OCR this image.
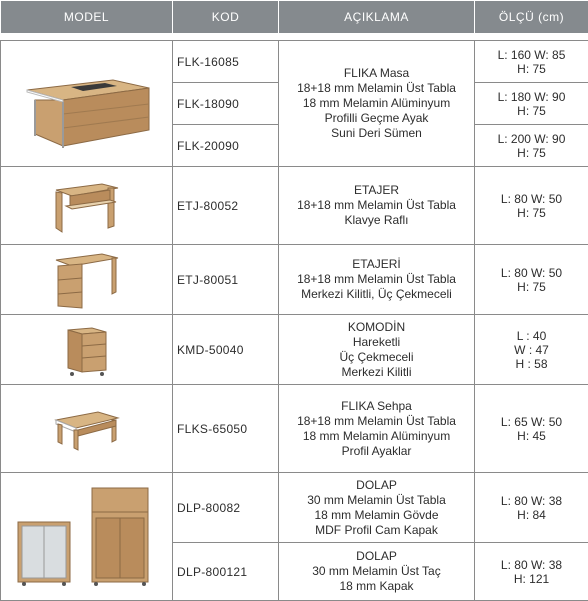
MODEL	KOD	AÇIKLAMA	ÖLÇÜ (cm)

	FLK-16085	FLIKA Masa
18+18 mm Melamin Üst Tabla
18 mm Melamin Alüminyum
Profilli Geçme Ayak
Suni Deri Sümen	L: 160 W: 85
H: 75

	FLK-18090		L: 180 W: 90
H: 75

	FLK-20090		L: 200 W: 90
H: 75

	ETJ-80052	ETAJER
18+18 mm Melamin Üst Tabla
Klavye Raflı	L: 80 W: 50
H: 75

	ETJ-80051	ETAJERİ
18+18 mm Melamin Üst Tabla
Merkezi Kilitli, Üç Çekmeceli	L: 80 W: 50
H: 75

	KMD-50040	KOMODİN
Hareketli
Üç Çekmeceli
Merkezi Kilitli	L : 40
W : 47
H : 58

	FLKS-65050	FLIKA Sehpa
18+18 mm Melamin Üst Tabla
18 mm Melamin Alüminyum
Profil Ayaklar	L: 65 W: 50
H: 45

	DLP-80082	DOLAP
30 mm Melamin Üst Tabla
18 mm Melamin Gövde
MDF Profil Cam Kapak	L: 80 W: 38
H: 84

	DLP-800121	DOLAP
30 mm Melamin Üst Taç
18 mm Kapak	L: 80 W: 38
H: 121
